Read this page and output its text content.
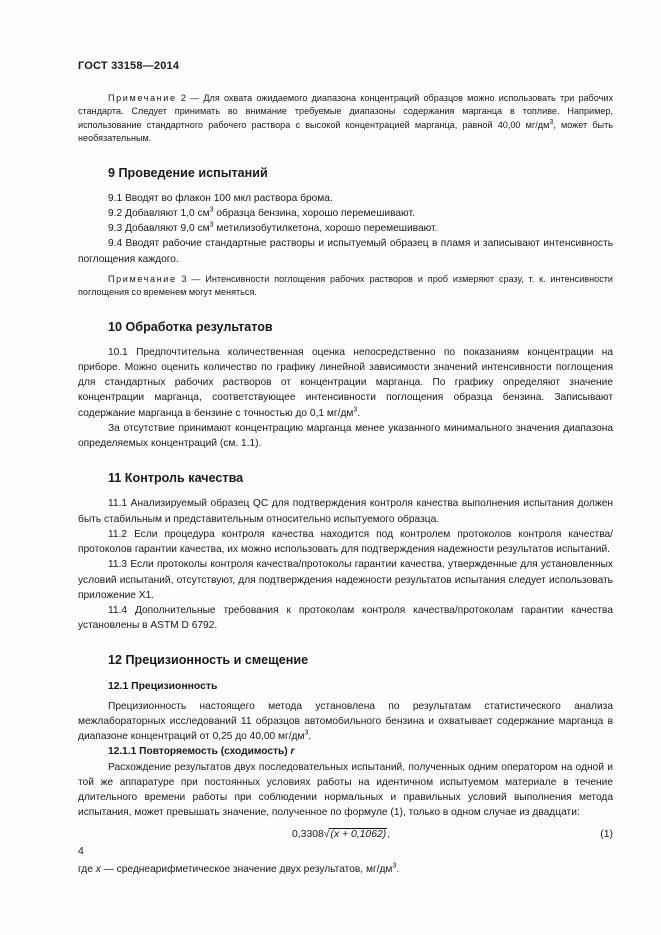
ГОСТ 33158—2014

Примечание 2 — Для охвата ожидаемого диапазона концентраций образцов можно использовать три рабочих стандарта. Следует принимать во внимание требуемые диапазоны содержания марганца в топливе. Например, использование стандартного рабочего раствора с высокой концентрацией марганца, равной 40,00 $мг/дм^3$, может быть необязательным.

9 Проведение испытаний

9.1 Вводят во флакон 100 мкл раствора брома.

9.2 Добавляют 1,0 $см^3$ образца бензина, хорошо перемешивают.

9.3 Добавляют 9,0 $см^3$ метилизобутилкетона, хорошо перемешивают.

9.4 Вводят рабочие стандартные растворы и испытуемый образец в пламя и записывают интенсивность поглощения каждого.

Примечание 3 — Интенсивности поглощения рабочих растворов и проб измеряют сразу, т. к. интенсивности поглощения со временем могут меняться.

10 Обработка результатов

10.1 Предпочтительна количественная оценка непосредственно по показаниям концентрации на приборе. Можно оценить количество по графику линейной зависимости значений интенсивности поглощения для стандартных рабочих растворов от концентрации марганца. По графику определяют значение концентрации марганца, соответствующее интенсивности поглощения образца бензина. Записывают содержание марганца в бензине с точностью до 0,1 $мг/дм^3$.

За отсутствие принимают концентрацию марганца менее указанного минимального значения диапазона определяемых концентраций (см. 1.1).

11 Контроль качества

11.1 Анализируемый образец QC для подтверждения контроля качества выполнения испытания должен быть стабильным и представительным относительно испытуемого образца.

11.2 Если процедура контроля качества находится под контролем протоколов контроля качества/протоколов гарантии качества, их можно использовать для подтверждения надежности результатов испытаний.

11.3 Если протоколы контроля качества/протоколы гарантии качества, утвержденные для установленных условий испытаний, отсутствуют, для подтверждения надежности результатов испытания следует использовать приложение Х1.

11.4 Дополнительные требования к протоколам контроля качества/протоколам гарантии качества установлены в ASTM D 6792.

12 Прецизионность и смещение
12.1 Прецизионность

Прецизионность настоящего метода установлена по результатам статистического анализа межлабораторных исследований 11 образцов автомобильного бензина и охватывает содержание марганца в диапазоне концентраций от 0,25 до 40,00 $мг/дм^3$.

12.1.1 Повторяемость (сходимость) r

Расхождение результатов двух последовательных испытаний, полученных одним оператором на одной и той же аппаратуре при постоянных условиях работы на идентичном испытуемом материале в течение длительного времени работы при соблюдении нормальных и правильных условий выполнения метода испытания, может превышать значение, полученное по формуле (1), только в одном случае из двадцати:

0,3308√(x + 0,1062),	(1)

где x — среднеарифметическое значение двух результатов, $мг/дм^3$.

4
